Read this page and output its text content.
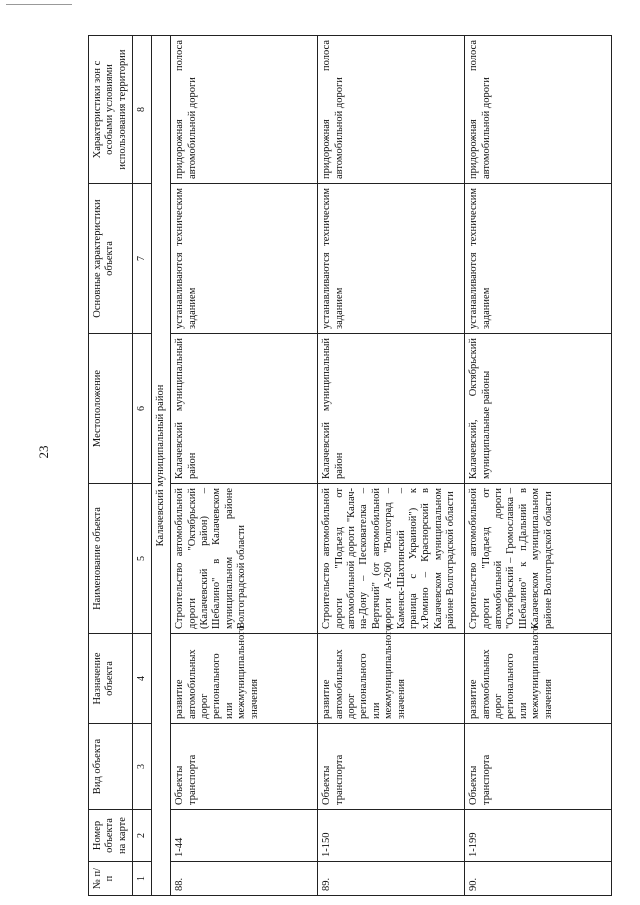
23
№ п/п	Номер объекта на карте	Вид объекта	Назначение объекта	Наименование объекта	Местоположение	Основные характеристики объекта	Характеристики зон с особыми условиями использования территории
1	2	3	4	5	6	7	8
Калачевский муниципальный район							
88.	1-44	Объекты транспорта	развитие автомобильных дорог регионального или межмуниципального значения	Строительство автомобильной дороги "Октябрьский (Калачевский район) – Шебалино" в Калачевском муниципальном районе Волгоградской области	Калачевский муниципальный район	устанавливаются техническим заданием	придорожная полоса автомобильной дороги
89.	1-150	Объекты транспорта	развитие автомобильных дорог регионального или межмуниципального значения	Строительство автомобильной дороги "Подъезд от автомобильной дороги "Калач-на-Дону – Пескователка – Вертячий" (от автомобильной дороги А-260 "Волгоград – Каменск-Шахтинский – граница с Украиной") к х.Ромино – Краснорский в Калачевском муниципальном районе Волгоградской области	Калачевский муниципальный район	устанавливаются техническим заданием	придорожная полоса автомобильной дороги
90.	1-199	Объекты транспорта	развитие автомобильных дорог регионального или межмуниципального значения	Строительство автомобильной дороги "Подъезд от автомобильной дороги "Октябрьский – Громославка – Шебалино" к п.Дальний в Калачевском муниципальном районе Волгоградской области	Калачевский, Октябрьский муниципальные районы	устанавливаются техническим заданием	придорожная полоса автомобильной дороги
